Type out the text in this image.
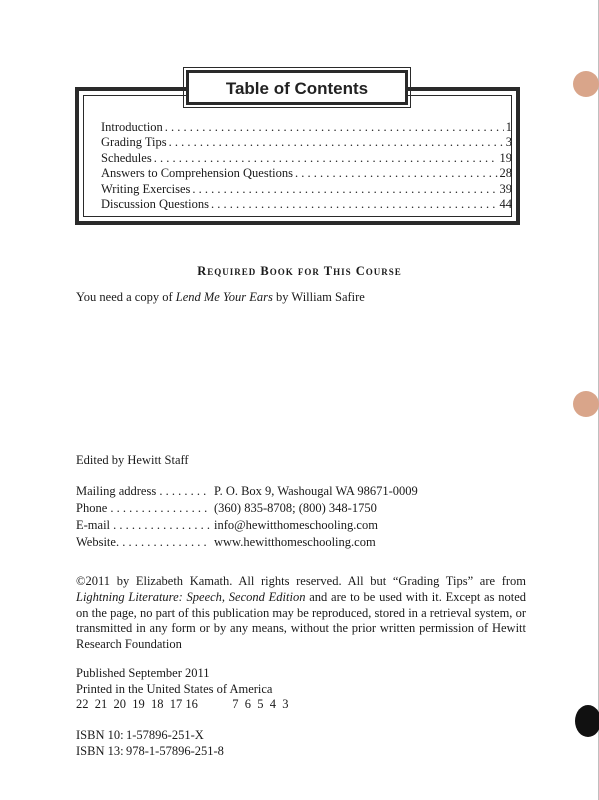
Table of Contents
Introduction . . .	1
Grading Tips . . .	3
Schedules . . .	19
Answers to Comprehension Questions . . .	28
Writing Exercises . . .	39
Discussion Questions . . .	44
Required Book for This Course
You need a copy of Lend Me Your Ears by William Safire
Edited by Hewitt Staff
Mailing address . . . . . . . . P. O. Box 9, Washougal WA 98671-0009
Phone . . . . . . . . . . . . . . . . (360) 835-8708; (800) 348-1750
E-mail . . . . . . . . . . . . . . . . info@hewitthomeschooling.com
Website. . . . . . . . . . . . . . . www.hewitthomeschooling.com
©2011 by Elizabeth Kamath. All rights reserved. All but “Grading Tips” are from Lightning Literature: Speech, Second Edition and are to be used with it. Except as noted on the page, no part of this publication may be reproduced, stored in a retrieval system, or transmitted in any form or by any means, without the prior written permission of Hewitt Research Foundation
Published September 2011
Printed in the United States of America
22  21  20  19  18  17 16           7  6  5  4  3
ISBN 10: 1-57896-251-X
ISBN 13: 978-1-57896-251-8
